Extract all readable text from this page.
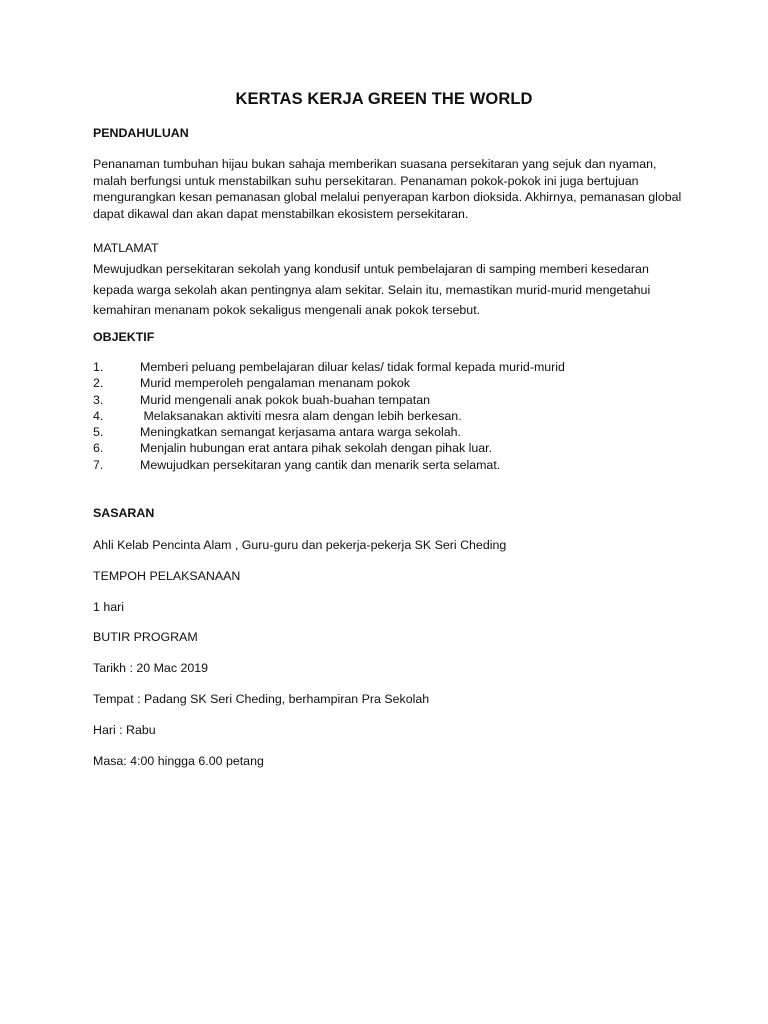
KERTAS KERJA GREEN THE WORLD
PENDAHULUAN
Penanaman tumbuhan hijau bukan sahaja memberikan suasana persekitaran yang sejuk dan nyaman, malah berfungsi untuk menstabilkan suhu persekitaran. Penanaman pokok-pokok ini juga bertujuan mengurangkan kesan pemanasan global melalui penyerapan karbon dioksida. Akhirnya, pemanasan global dapat dikawal dan akan dapat menstabilkan ekosistem persekitaran.
MATLAMAT
Mewujudkan persekitaran sekolah yang kondusif untuk pembelajaran di samping memberi kesedaran kepada warga sekolah akan pentingnya alam sekitar. Selain itu, memastikan murid-murid mengetahui kemahiran menanam pokok sekaligus mengenali anak pokok tersebut.
OBJEKTIF
1.	Memberi peluang pembelajaran diluar kelas/ tidak formal kepada murid-murid
2.	Murid memperoleh pengalaman menanam pokok
3.	Murid mengenali anak pokok buah-buahan tempatan
4.	Melaksanakan aktiviti mesra alam dengan lebih berkesan.
5.	Meningkatkan semangat kerjasama antara warga sekolah.
6.	Menjalin hubungan erat antara pihak sekolah dengan pihak luar.
7.	Mewujudkan persekitaran yang cantik dan menarik serta selamat.
SASARAN
Ahli Kelab Pencinta Alam , Guru-guru dan pekerja-pekerja SK Seri Cheding
TEMPOH PELAKSANAAN
1 hari
BUTIR PROGRAM
Tarikh : 20 Mac 2019
Tempat : Padang SK Seri Cheding, berhampiran Pra Sekolah
Hari : Rabu
Masa: 4:00 hingga 6.00 petang
